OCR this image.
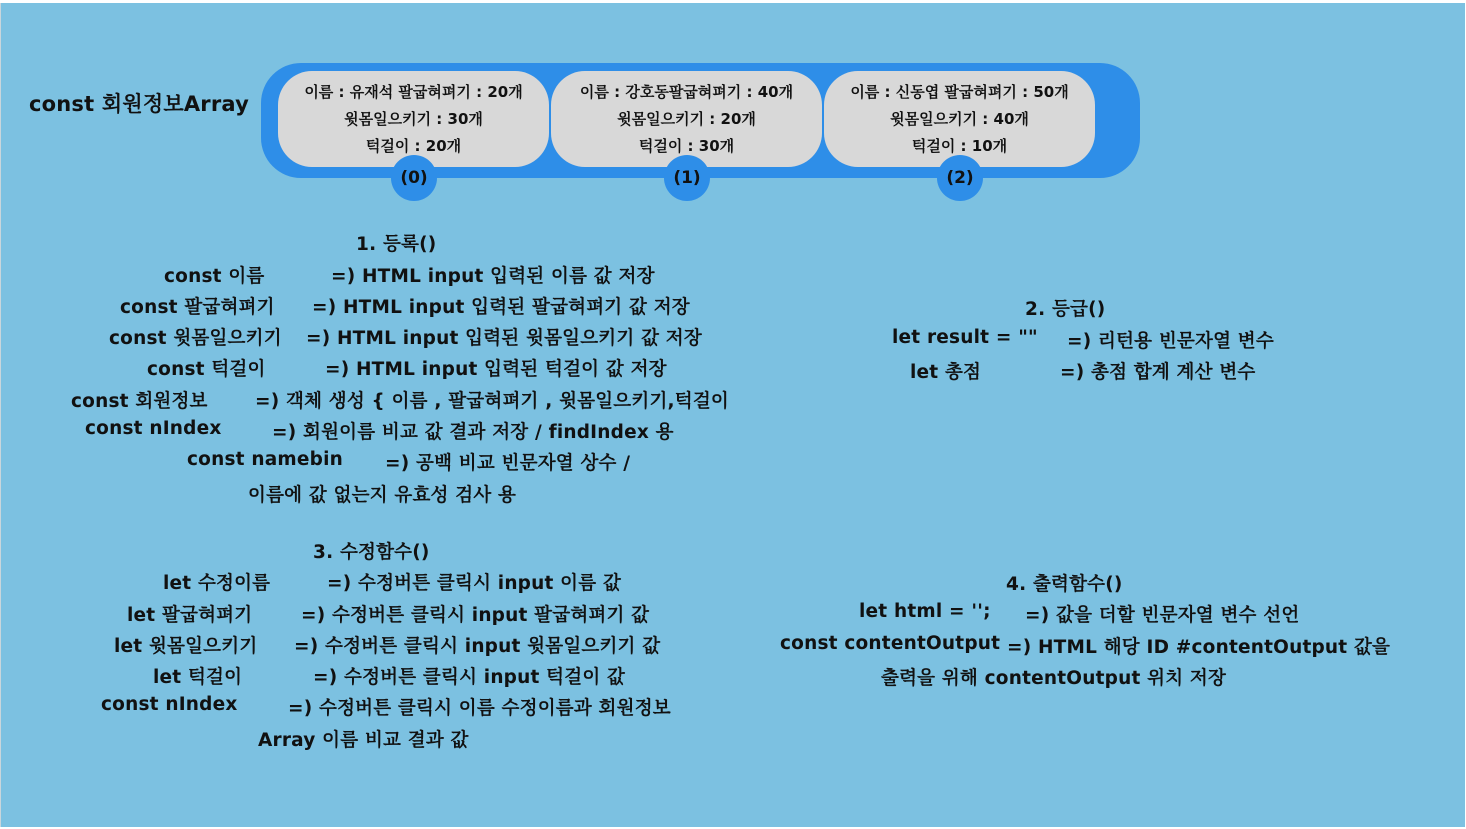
const 회원정보Array	이름 : 유재석 팔굽혀펴기 : 20개
윗몸일으키기 : 30개
턱걸이 : 20개
이름 : 강호동팔굽혀펴기 : 40개
윗몸일으키기 : 20개
턱걸이 : 30개
이름 : 신동엽 팔굽혀펴기 : 50개
윗몸일으키기 : 40개
턱걸이 : 10개
(0)	(1)	(2)
1. 등록()
const 이름	=) HTML input 입력된 이름 값 저장
const 팔굽혀펴기 =) HTML input 입력된 팔굽혀펴기 값 저장
const 윗몸일으키기 =) HTML input 입력된 윗몸일으키기 값 저장
const 턱걸이	=) HTML input 입력된 턱걸이 값 저장
const 회원정보	=) 객체 생성 { 이름 , 팔굽혀펴기 , 윗몸일으키기,턱걸이
const nIndex	=) 회원이름 비교 값 결과 저장 / findIndex 용
const namebin =) 공백 비교 빈문자열 상수 /
이름에 값 없는지 유효성 검사 용
2. 등급()
let result = "" =) 리턴용 빈문자열 변수
let 총점	=) 총점 합계 계산 변수
3. 수정함수()
let 수정이름	=) 수정버튼 클릭시 input 이름 값
let 팔굽혀펴기	=) 수정버튼 클릭시 input 팔굽혀펴기 값
let 윗몸일으키기 =) 수정버튼 클릭시 input 윗몸일으키기 값
let 턱걸이	=) 수정버튼 클릭시 input 턱걸이 값
const nIndex	=) 수정버튼 클릭시 이름 수정이름과 회원정보
Array 이름 비교 결과 값
4. 출력함수()
let html = ''; =) 값을 더할 빈문자열 변수 선언
const contentOutput =) HTML 해당 ID #contentOutput 값을
출력을 위해 contentOutput 위치 저장
